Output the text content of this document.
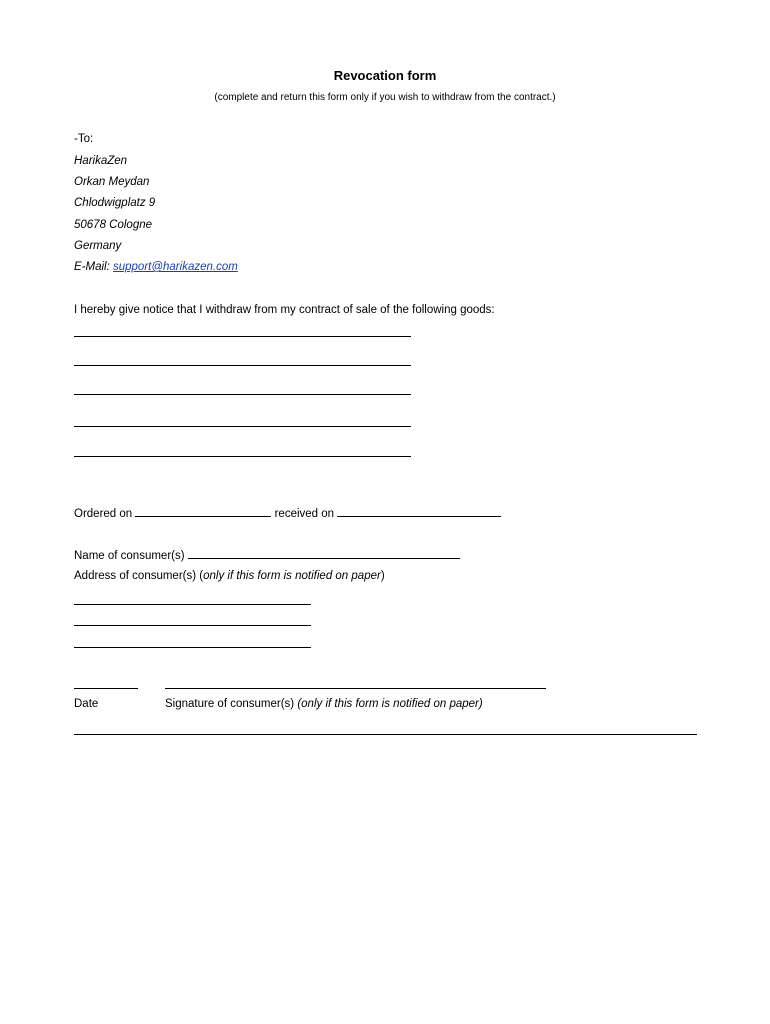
Revocation form
(complete and return this form only if you wish to withdraw from the contract.)
-To:
HarikaZen
Orkan Meydan
Chlodwigplatz 9
50678 Cologne
Germany
E-Mail: support@harikazen.com
I hereby give notice that I withdraw from my contract of sale of the following goods:
Ordered on	received on
Name of consumer(s)
Address of consumer(s) (only if this form is notified on paper)
Date	Signature of consumer(s) (only if this form is notified on paper)
